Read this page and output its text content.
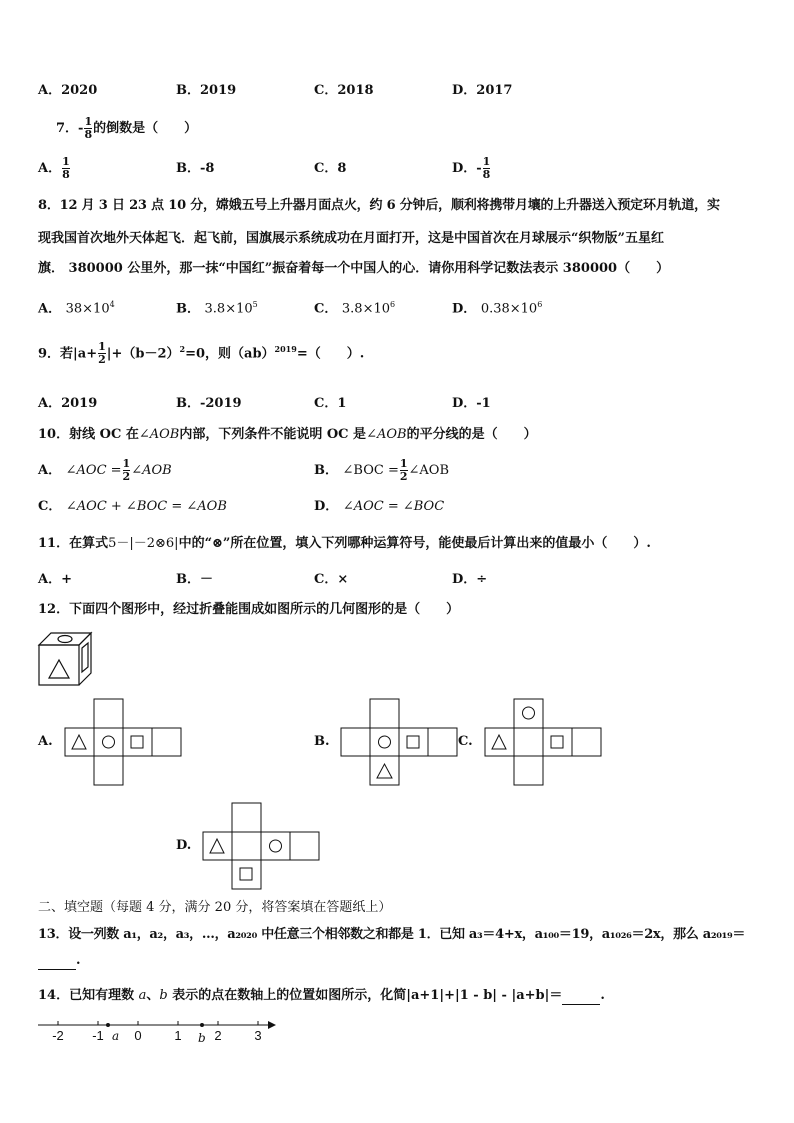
A．2020	B．2019	C．2018	D．2017
7．- $\frac{1}{8}$ 的倒数是（　　）
A． $\frac{1}{8}$	B．-8	C．8	D．- $\frac{1}{8}$
8．12 月 3 日 23 点 10 分，嫦娥五号上升器月面点火，约 6 分钟后，顺利将携带月壤的上升器送入预定环月轨道，实
现我国首次地外天体起飞．起飞前，国旗展示系统成功在月面打开，这是中国首次在月球展示“织物版”五星红
旗． 380000 公里外，那一抹“中国红”振奋着每一个中国人的心．请你用科学记数法表示 380000（　　）
A． $38\times 10^4$	B． $3.8\times 10^5$	C． $3.8\times 10^6$	D． $0.38\times 10^6$
9．若$|a+ \frac{1}{2} |+(b-2)^2=0$，则（ab）$^{2019}$=（　　）.
A．2019	B．-2019	C．1	D．-1
10．射线 OC 在∠AOB内部，下列条件不能说明 OC 是∠AOB的平分线的是（　　）
A． ∠AOC = $\frac{1}{2}$ ∠AOB	B． ∠BOC = $\frac{1}{2}$ ∠AOB
C． ∠AOC + ∠BOC = ∠AOB	D． ∠AOC = ∠BOC
11．在算式5－|－2⊗6|中的“⊗”所在位置，填入下列哪种运算符号，能使最后计算出来的值最小（　　）.
A．+	B．－	C．×	D．÷
12．下面四个图形中，经过折叠能围成如图所示的几何图形的是（　　）
A.	B.	C.
D.
二、填空题（每题 4 分，满分 20 分，将答案填在答题纸上）
13．设一列数 a₁，a₂，a₃，…，a₂₀₂₀ 中任意三个相邻数之和都是 1．已知 a₃＝4+x，a₁₀₀＝19，a₁₀₂₆＝2x，那么 a₂₀₁₉＝
.
14．已知有理数 a、b 表示的点在数轴上的位置如图所示，化简|a+1|+|1 - b| - |a+b|＝	.
-2 -1 0	1	2	3
a	b
